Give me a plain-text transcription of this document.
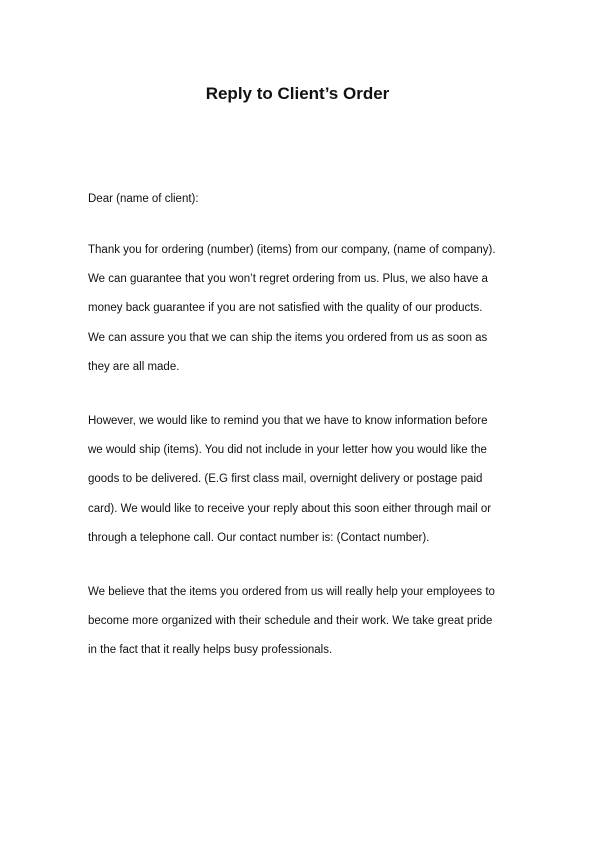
Reply to Client’s Order

Dear (name of client):

Thank you for ordering (number) (items) from our company, (name of company).
We can guarantee that you won’t regret ordering from us. Plus, we also have a
money back guarantee if you are not satisfied with the quality of our products.
We can assure you that we can ship the items you ordered from us as soon as
they are all made.
However, we would like to remind you that we have to know information before
we would ship (items). You did not include in your letter how you would like the
goods to be delivered. (E.G first class mail, overnight delivery or postage paid
card). We would like to receive your reply about this soon either through mail or
through a telephone call. Our contact number is: (Contact number).
We believe that the items you ordered from us will really help your employees to
become more organized with their schedule and their work. We take great pride
in the fact that it really helps busy professionals.
